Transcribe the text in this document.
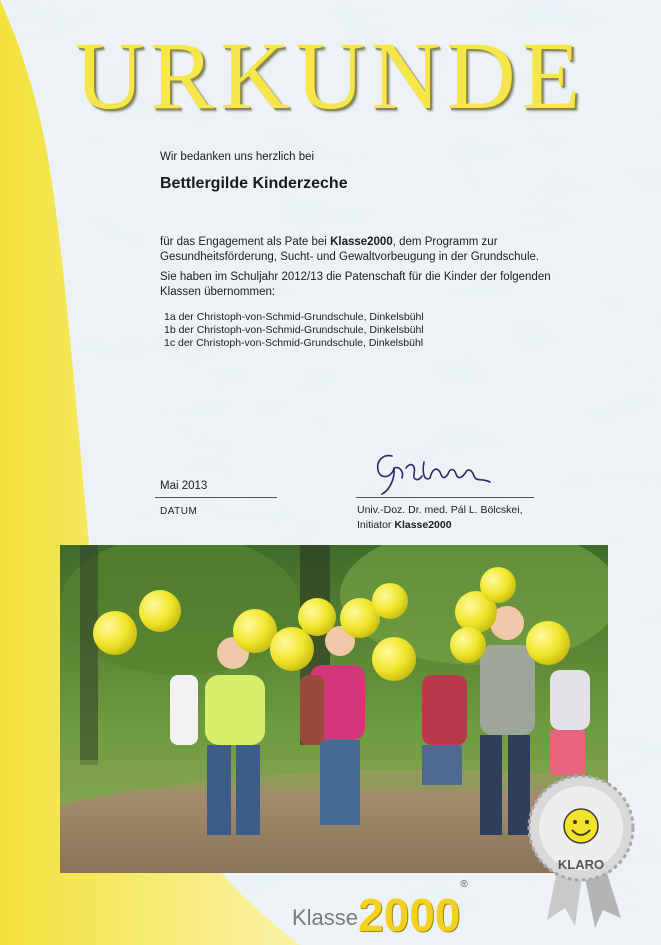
URKUNDE
Wir bedanken uns herzlich bei
Bettlergilde Kinderzeche
für das Engagement als Pate bei Klasse2000, dem Programm zur Gesundheitsförderung, Sucht- und Gewaltvorbeugung in der Grundschule.
Sie haben im Schuljahr 2012/13 die Patenschaft für die Kinder der folgenden Klassen übernommen:
1a der Christoph-von-Schmid-Grundschule, Dinkelsbühl
1b der Christoph-von-Schmid-Grundschule, Dinkelsbühl
1c der Christoph-von-Schmid-Grundschule, Dinkelsbühl
Mai 2013
DATUM	Univ.-Doz. Dr. med. Pál L. Bölcskei,
Initiator Klasse2000
KLARO
Klasse2000®
